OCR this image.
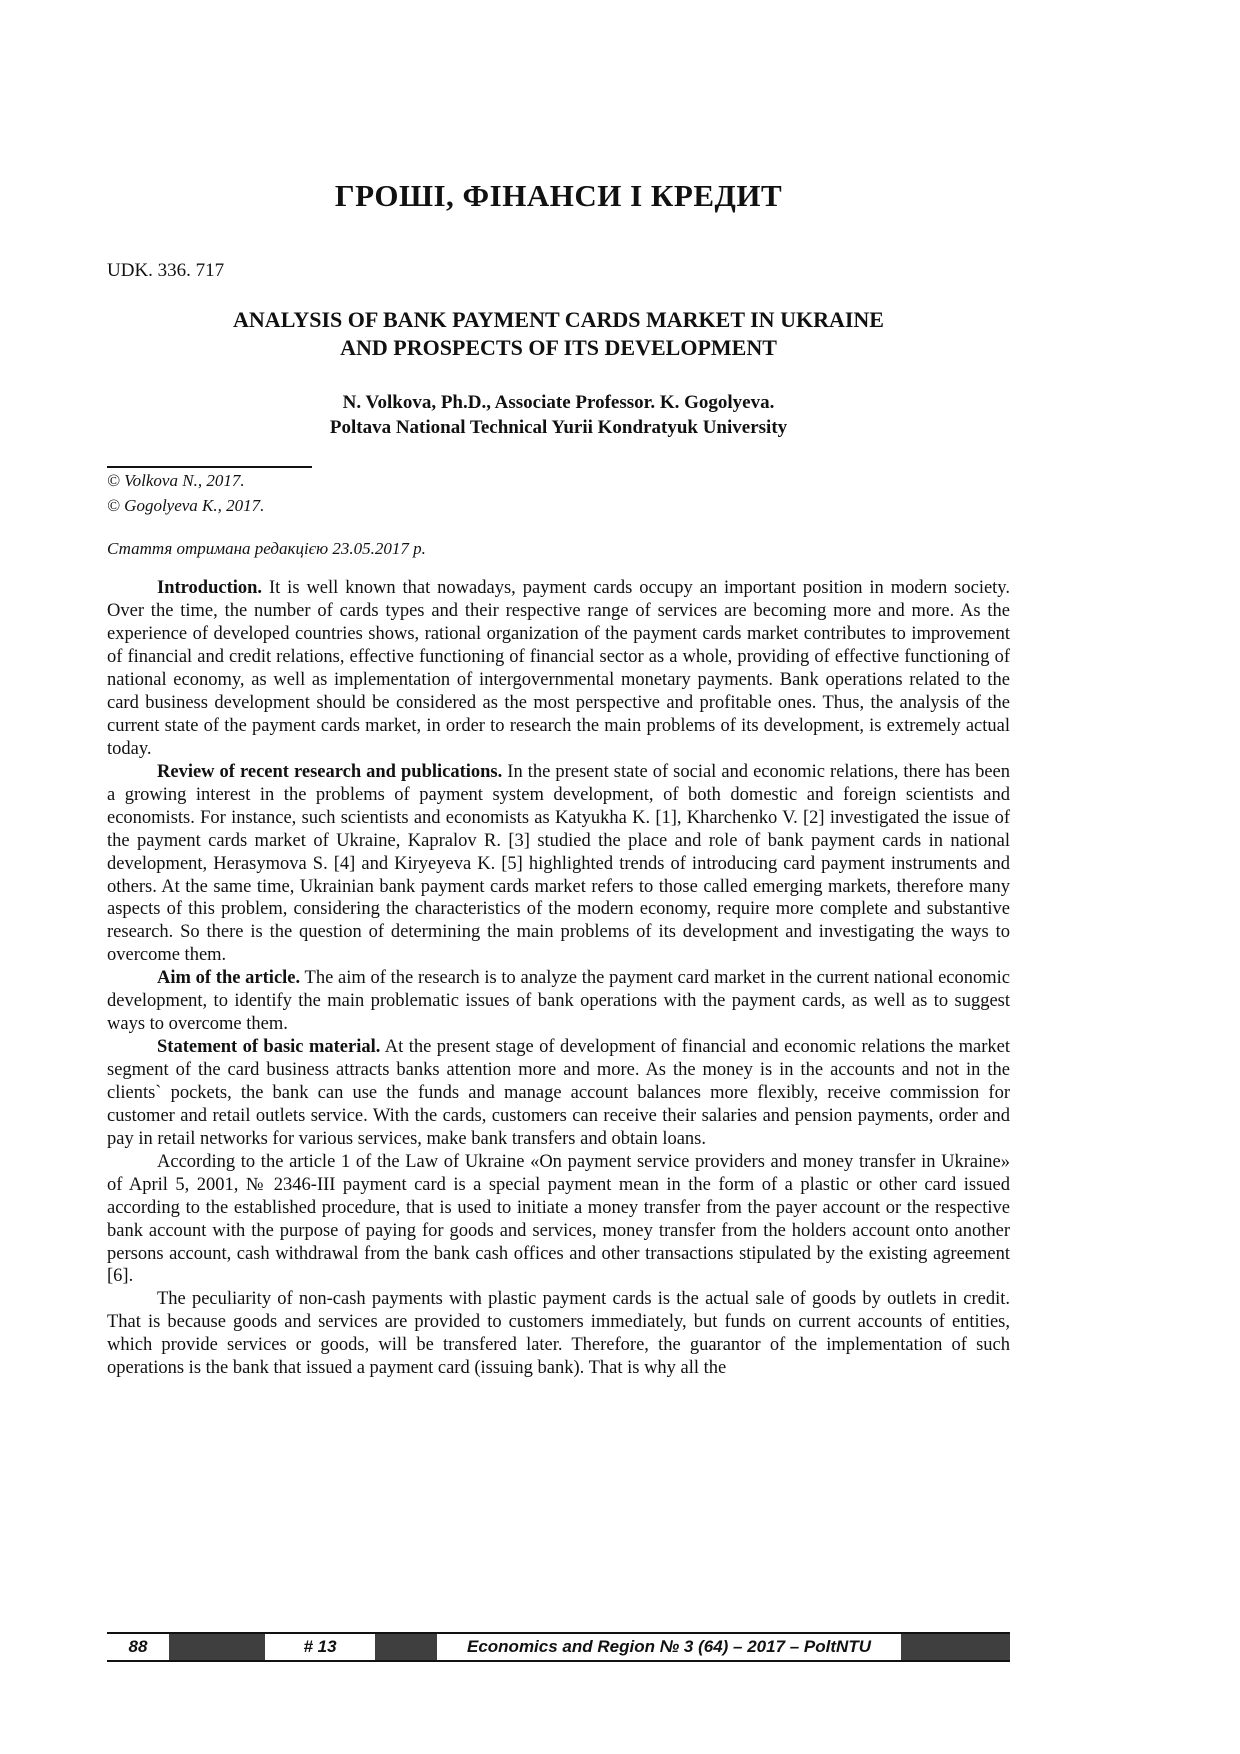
ГРОШІ, ФІНАНСИ І КРЕДИТ

UDK. 336. 717

ANALYSIS OF BANK PAYMENT CARDS MARKET IN UKRAINE
AND PROSPECTS OF ITS DEVELOPMENT

N. Volkova, Ph.D., Associate Professor. K. Gogolyeva.
Poltava National Technical Yurii Kondratyuk University

© Volkova N., 2017.

© Gogolyeva K., 2017.

Стаття отримана редакцією 23.05.2017 р.

Introduction. It is well known that nowadays, payment cards occupy an important position in modern society. Over the time, the number of cards types and their respective range of services are becoming more and more. As the experience of developed countries shows, rational organization of the payment cards market contributes to improvement of financial and credit relations, effective functioning of financial sector as a whole, providing of effective functioning of national economy, as well as implementation of intergovernmental monetary payments. Bank operations related to the card business development should be considered as the most perspective and profitable ones. Thus, the analysis of the current state of the payment cards market, in order to research the main problems of its development, is extremely actual today.

Review of recent research and publications. In the present state of social and economic relations, there has been a growing interest in the problems of payment system development, of both domestic and foreign scientists and economists. For instance, such scientists and economists as Katyukha K. [1], Kharchenko V. [2] investigated the issue of the payment cards market of Ukraine, Kapralov R. [3] studied the place and role of bank payment cards in national development, Herasymova S. [4] and Kiryeyeva K. [5] highlighted trends of introducing card payment instruments and others. At the same time, Ukrainian bank payment cards market refers to those called emerging markets, therefore many aspects of this problem, considering the characteristics of the modern economy, require more complete and substantive research. So there is the question of determining the main problems of its development and investigating the ways to overcome them.

Aim of the article. The aim of the research is to analyze the payment card market in the current national economic development, to identify the main problematic issues of bank operations with the payment cards, as well as to suggest ways to overcome them.

Statement of basic material. At the present stage of development of financial and economic relations the market segment of the card business attracts banks attention more and more. As the money is in the accounts and not in the clients` pockets, the bank can use the funds and manage account balances more flexibly, receive commission for customer and retail outlets service. With the cards, customers can receive their salaries and pension payments, order and pay in retail networks for various services, make bank transfers and obtain loans.

According to the article 1 of the Law of Ukraine «On payment service providers and money transfer in Ukraine» of April 5, 2001, № 2346-III payment card is a special payment mean in the form of a plastic or other card issued according to the established procedure, that is used to initiate a money transfer from the payer account or the respective bank account with the purpose of paying for goods and services, money transfer from the holders account onto another persons account, cash withdrawal from the bank cash offices and other transactions stipulated by the existing agreement [6].

The peculiarity of non-cash payments with plastic payment cards is the actual sale of goods by outlets in credit. That is because goods and services are provided to customers immediately, but funds on current accounts of entities, which provide services or goods, will be transfered later. Therefore, the guarantor of the implementation of such operations is the bank that issued a payment card (issuing bank). That is why all the

88	# 13	Economics and Region № 3 (64) – 2017 – PoltNTU
